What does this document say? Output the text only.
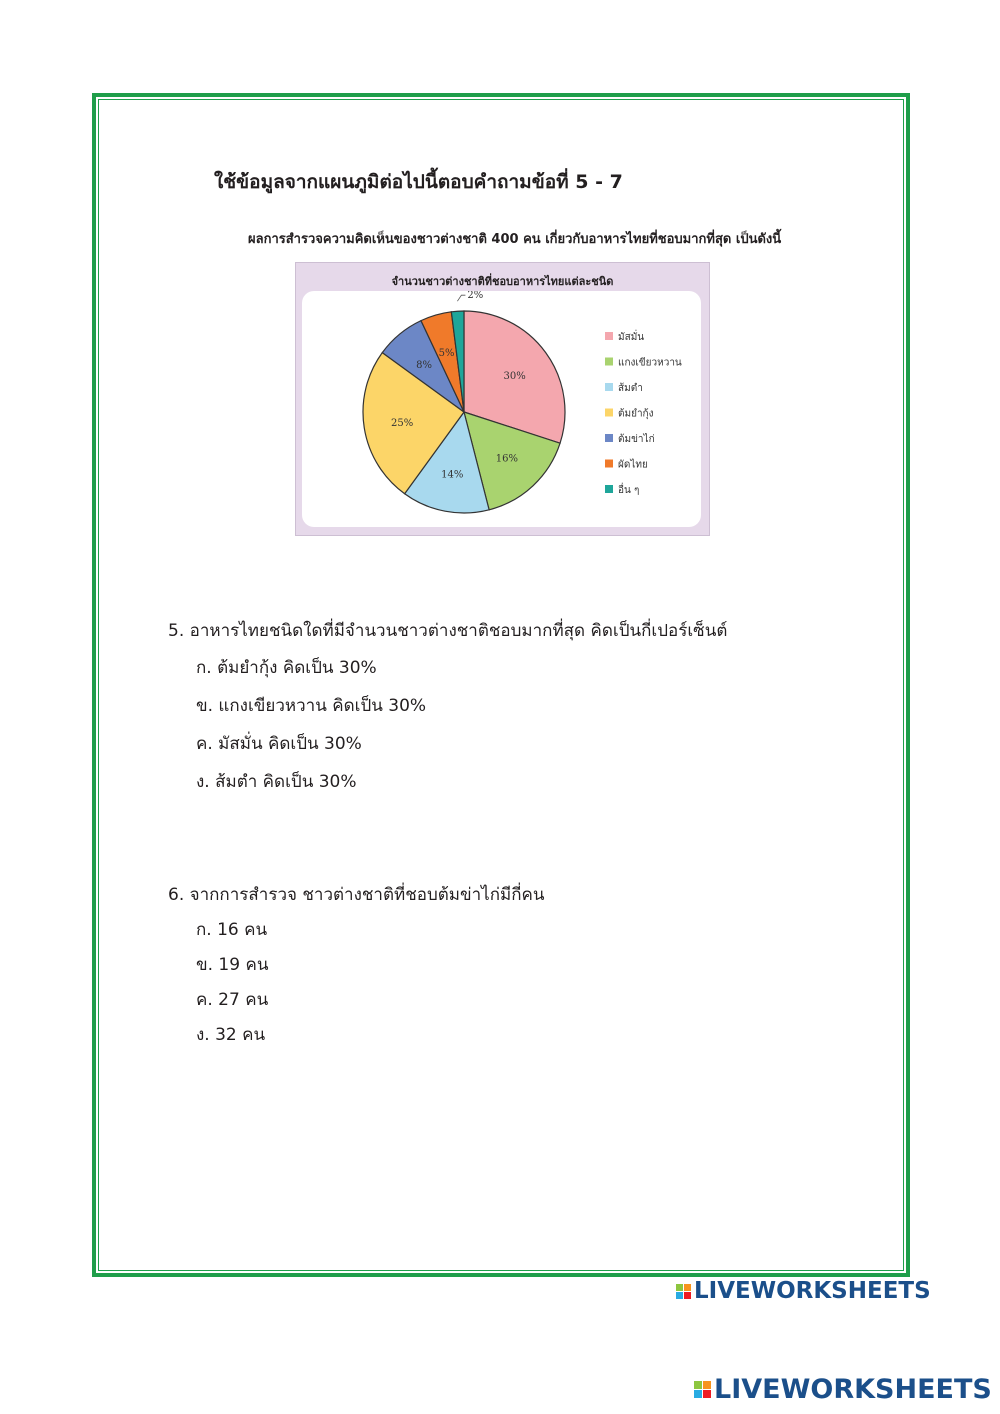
ใช้ข้อมูลจากแผนภูมิต่อไปนี้ตอบคำถามข้อที่ 5 - 7
ผลการสำรวจความคิดเห็นของชาวต่างชาติ 400 คน เกี่ยวกับอาหารไทยที่ชอบมากที่สุด เป็นดังนี้
จำนวนชาวต่างชาติที่ชอบอาหารไทยแต่ละชนิด
30%
16%
14%
25%
8%
5%
2%
มัสมั่น
แกงเขียวหวาน
ส้มตำ
ต้มยำกุ้ง
ต้มข่าไก่
ผัดไทย
อื่น ๆ
5. อาหารไทยชนิดใดที่มีจำนวนชาวต่างชาติชอบมากที่สุด คิดเป็นกี่เปอร์เซ็นต์
ก. ต้มยำกุ้ง คิดเป็น 30%
ข. แกงเขียวหวาน คิดเป็น 30%
ค. มัสมั่น คิดเป็น 30%
ง. ส้มตำ คิดเป็น 30%
6. จากการสำรวจ ชาวต่างชาติที่ชอบต้มข่าไก่มีกี่คน
ก. 16 คน
ข. 19 คน
ค. 27 คน
ง. 32 คน
LIVEWORKSHEETS
LIVEWORKSHEETS
